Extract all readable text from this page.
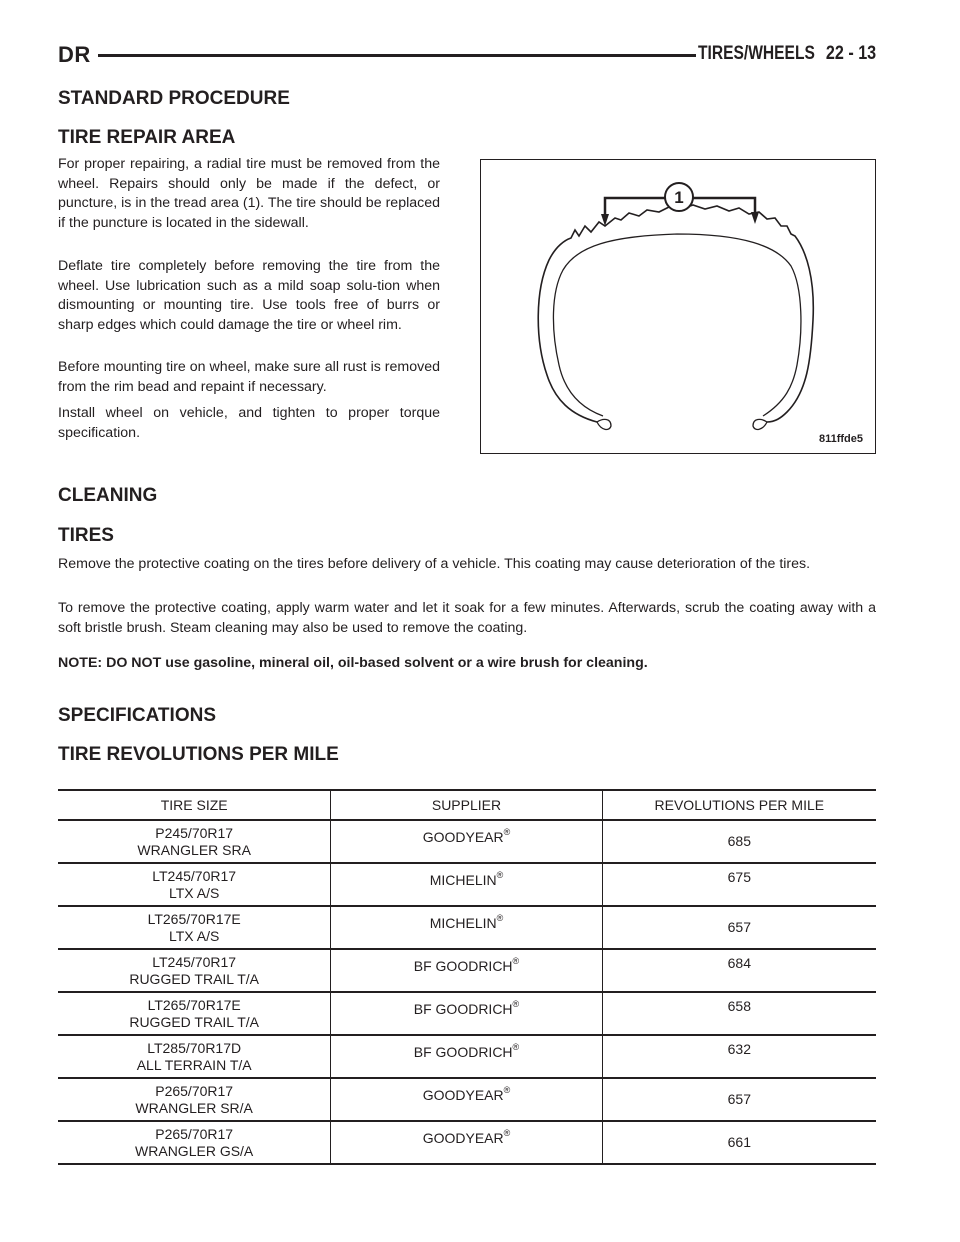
DR	TIRES/WHEELS 22 - 13
STANDARD PROCEDURE
TIRE REPAIR AREA

For proper repairing, a radial tire must be removed from the wheel. Repairs should only be made if the defect, or puncture, is in the tread area (1). The tire should be replaced if the puncture is located in the sidewall.

Deflate tire completely before removing the tire from the wheel. Use lubrication such as a mild soap solu-tion when dismounting or mounting tire. Use tools free of burrs or sharp edges which could damage the tire or wheel rim.

Before mounting tire on wheel, make sure all rust is removed from the rim bead and repaint if necessary.

Install wheel on vehicle, and tighten to proper torque specification.

1
811ffde5
CLEANING
TIRES

Remove the protective coating on the tires before delivery of a vehicle. This coating may cause deterioration of the tires.

To remove the protective coating, apply warm water and let it soak for a few minutes. Afterwards, scrub the coating away with a soft bristle brush. Steam cleaning may also be used to remove the coating.

NOTE: DO NOT use gasoline, mineral oil, oil-based solvent or a wire brush for cleaning.

SPECIFICATIONS
TIRE REVOLUTIONS PER MILE
TIRE SIZE	SUPPLIER	REVOLUTIONS PER MILE

P245/70R17
WRANGLER SRA	GOODYEAR®	685

LT245/70R17
LTX A/S	MICHELIN®	675

LT265/70R17E
LTX A/S	MICHELIN®	657

LT245/70R17
RUGGED TRAIL T/A	BF GOODRICH®	684

LT265/70R17E
RUGGED TRAIL T/A	BF GOODRICH®	658

LT285/70R17D
ALL TERRAIN T/A	BF GOODRICH®	632

P265/70R17
WRANGLER SR/A	GOODYEAR®	657

P265/70R17
WRANGLER GS/A	GOODYEAR®	661
